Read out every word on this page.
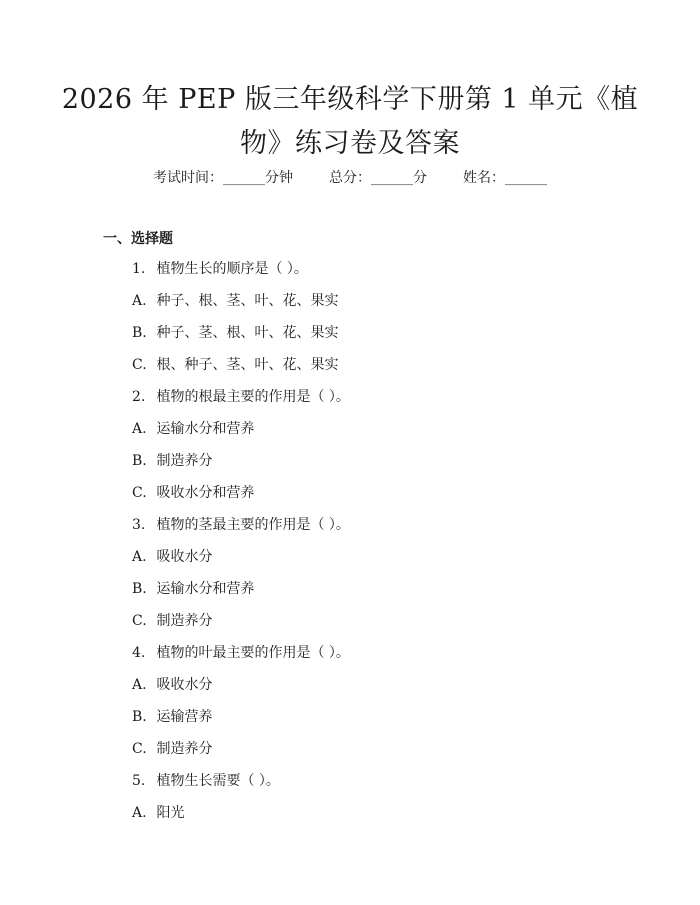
2026 年 PEP 版三年级科学下册第 1 单元《植
物》练习卷及答案
考试时间：______分钟	总分：______分	姓名：______
一、选择题
1. 植物生长的顺序是（ ）。
A. 种子、根、茎、叶、花、果实
B. 种子、茎、根、叶、花、果实
C. 根、种子、茎、叶、花、果实
2. 植物的根最主要的作用是（ ）。
A. 运输水分和营养
B. 制造养分
C. 吸收水分和营养
3. 植物的茎最主要的作用是（ ）。
A. 吸收水分
B. 运输水分和营养
C. 制造养分
4. 植物的叶最主要的作用是（ ）。
A. 吸收水分
B. 运输营养
C. 制造养分
5. 植物生长需要（ ）。
A. 阳光
